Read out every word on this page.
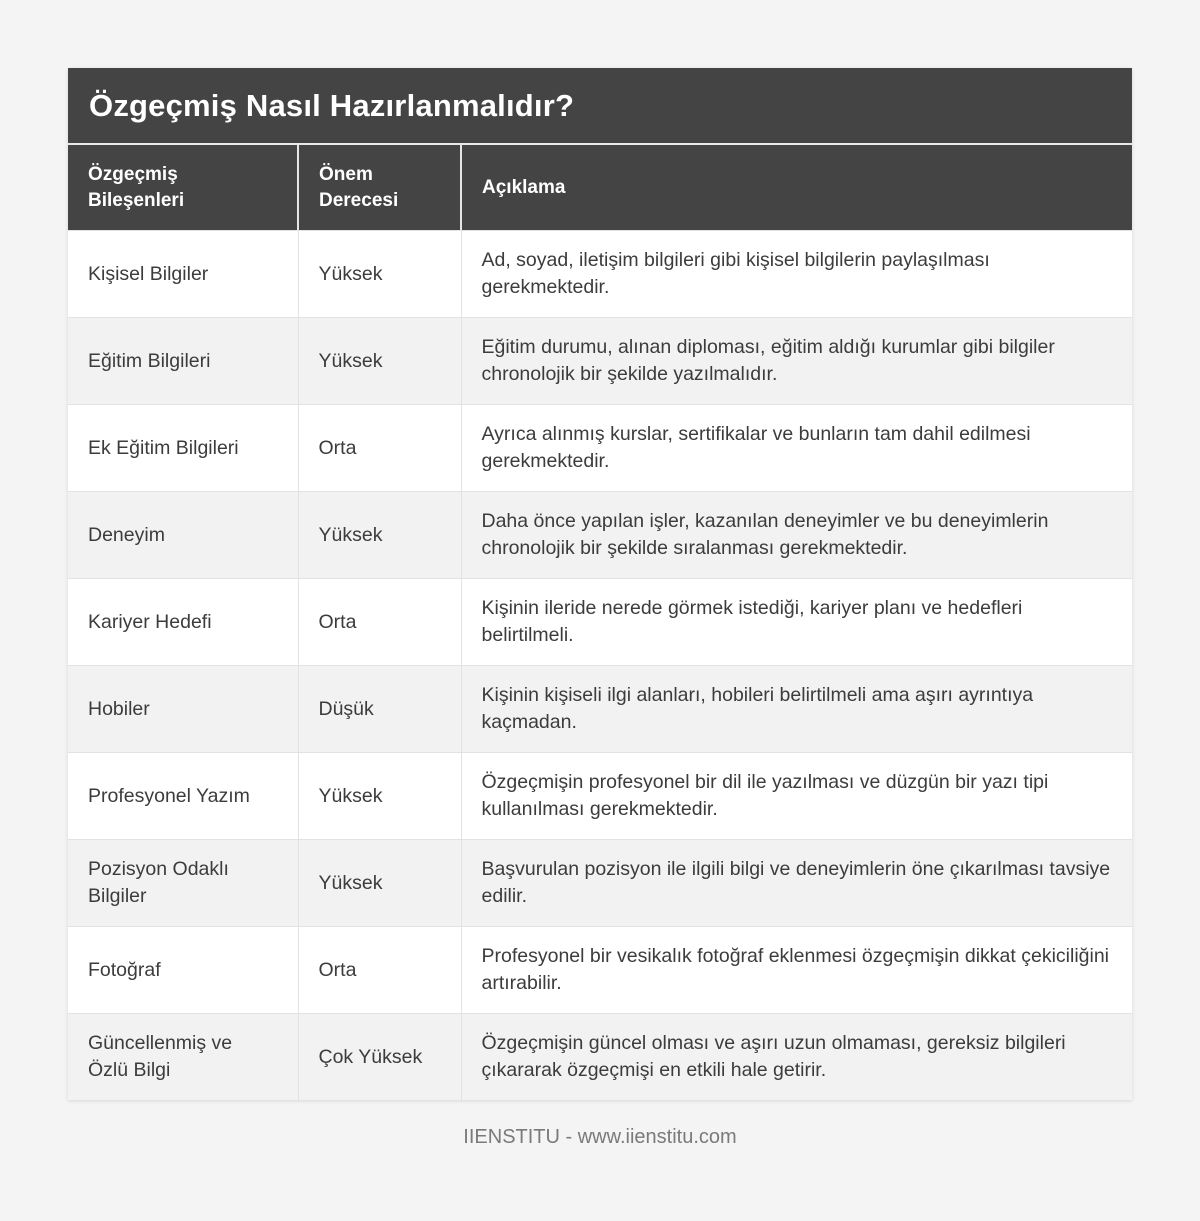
Özgeçmiş Nasıl Hazırlanmalıdır?
Özgeçmiş Bileşenleri	Önem Derecesi	Açıklama
Kişisel Bilgiler	Yüksek	Ad, soyad, iletişim bilgileri gibi kişisel bilgilerin paylaşılması gerekmektedir.
Eğitim Bilgileri	Yüksek	Eğitim durumu, alınan diploması, eğitim aldığı kurumlar gibi bilgiler chronolojik bir şekilde yazılmalıdır.
Ek Eğitim Bilgileri	Orta	Ayrıca alınmış kurslar, sertifikalar ve bunların tam dahil edilmesi gerekmektedir.
Deneyim	Yüksek	Daha önce yapılan işler, kazanılan deneyimler ve bu deneyimlerin chronolojik bir şekilde sıralanması gerekmektedir.
Kariyer Hedefi	Orta	Kişinin ileride nerede görmek istediği, kariyer planı ve hedefleri belirtilmeli.
Hobiler	Düşük	Kişinin kişiseli ilgi alanları, hobileri belirtilmeli ama aşırı ayrıntıya kaçmadan.
Profesyonel Yazım	Yüksek	Özgeçmişin profesyonel bir dil ile yazılması ve düzgün bir yazı tipi kullanılması gerekmektedir.
Pozisyon Odaklı Bilgiler	Yüksek	Başvurulan pozisyon ile ilgili bilgi ve deneyimlerin öne çıkarılması tavsiye edilir.
Fotoğraf	Orta	Profesyonel bir vesikalık fotoğraf eklenmesi özgeçmişin dikkat çekiciliğini artırabilir.
Güncellenmiş ve Özlü Bilgi	Çok Yüksek	Özgeçmişin güncel olması ve aşırı uzun olmaması, gereksiz bilgileri çıkararak özgeçmişi en etkili hale getirir.
IIENSTITU - www.iienstitu.com
